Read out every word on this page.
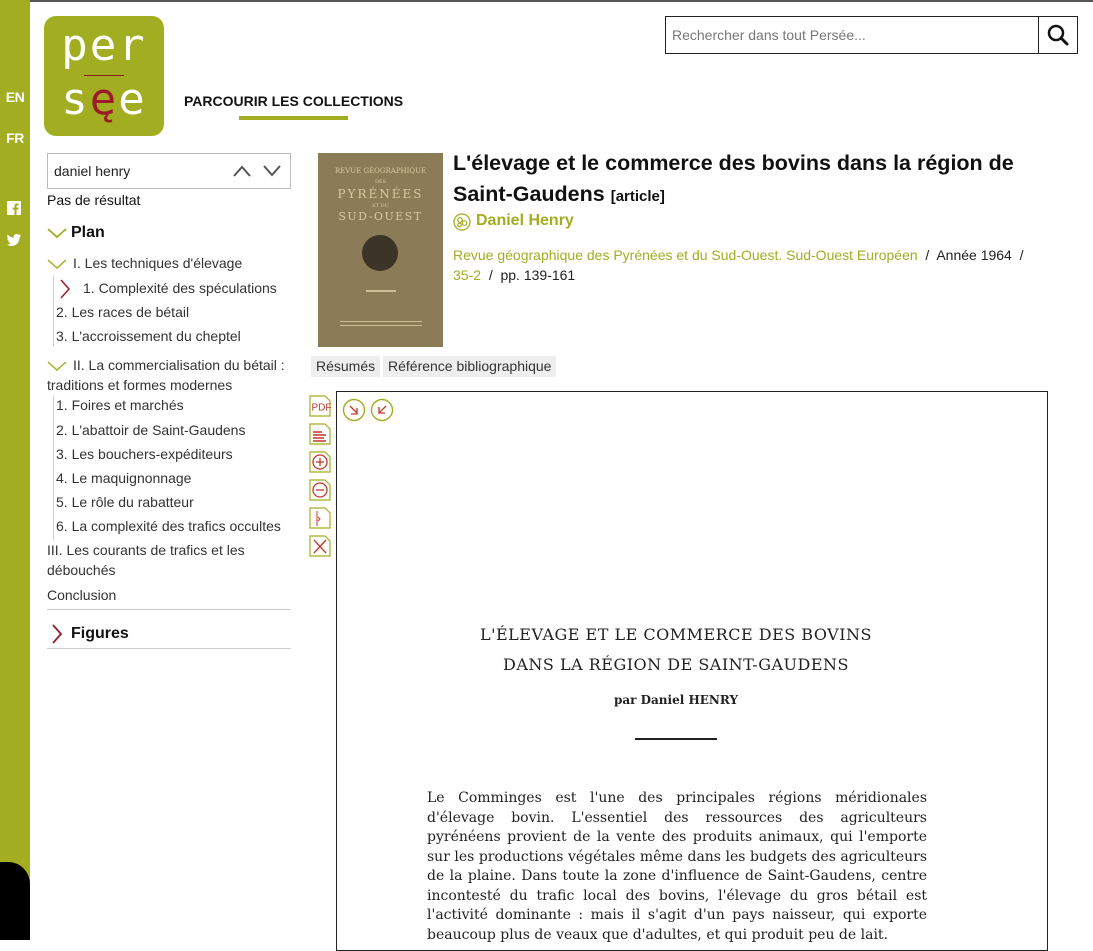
EN
FR
per
sęe	PARCOURIR LES COLLECTIONS
Rechercher dans tout Persée...
daniel henry
Pas de résultat
Plan
I. Les techniques d'élevage
1. Complexité des spéculations
2. Les races de bétail
3. L'accroissement du cheptel
II. La commercialisation du bétail : traditions et formes modernes
1. Foires et marchés
2. L'abattoir de Saint-Gaudens
3. Les bouchers-expéditeurs
4. Le maquignonnage
5. Le rôle du rabatteur
6. La complexité des trafics occultes
III. Les courants de trafics et les débouchés
Conclusion
Figures
REVUE GÉOGRAPHIQUE
DES
PYRÉNÉES
ET DU
SUD-OUEST
L'élevage et le commerce des bovins dans la région de Saint-Gaudens [article]
Daniel Henry
Revue géographique des Pyrénées et du Sud-Ouest. Sud-Ouest Européen / Année 1964 /
35-2 / pp. 139-161
Résumés Référence bibliographique
PDF
L'ÉLEVAGE ET LE COMMERCE DES BOVINS
DANS LA RÉGION DE SAINT-GAUDENS
par Daniel HENRY
Le Comminges est l'une des principales régions méridionales d'élevage bovin. L'essentiel des ressources des agriculteurs pyrénéens provient de la vente des produits animaux, qui l'emporte sur les productions végétales même dans les budgets des agriculteurs de la plaine. Dans toute la zone d'influence de Saint-Gaudens, centre incontesté du trafic local des bovins, l'élevage du gros bétail est l'activité dominante : mais il s'agit d'un pays naisseur, qui exporte beaucoup plus de veaux que d'adultes, et qui produit peu de lait.
